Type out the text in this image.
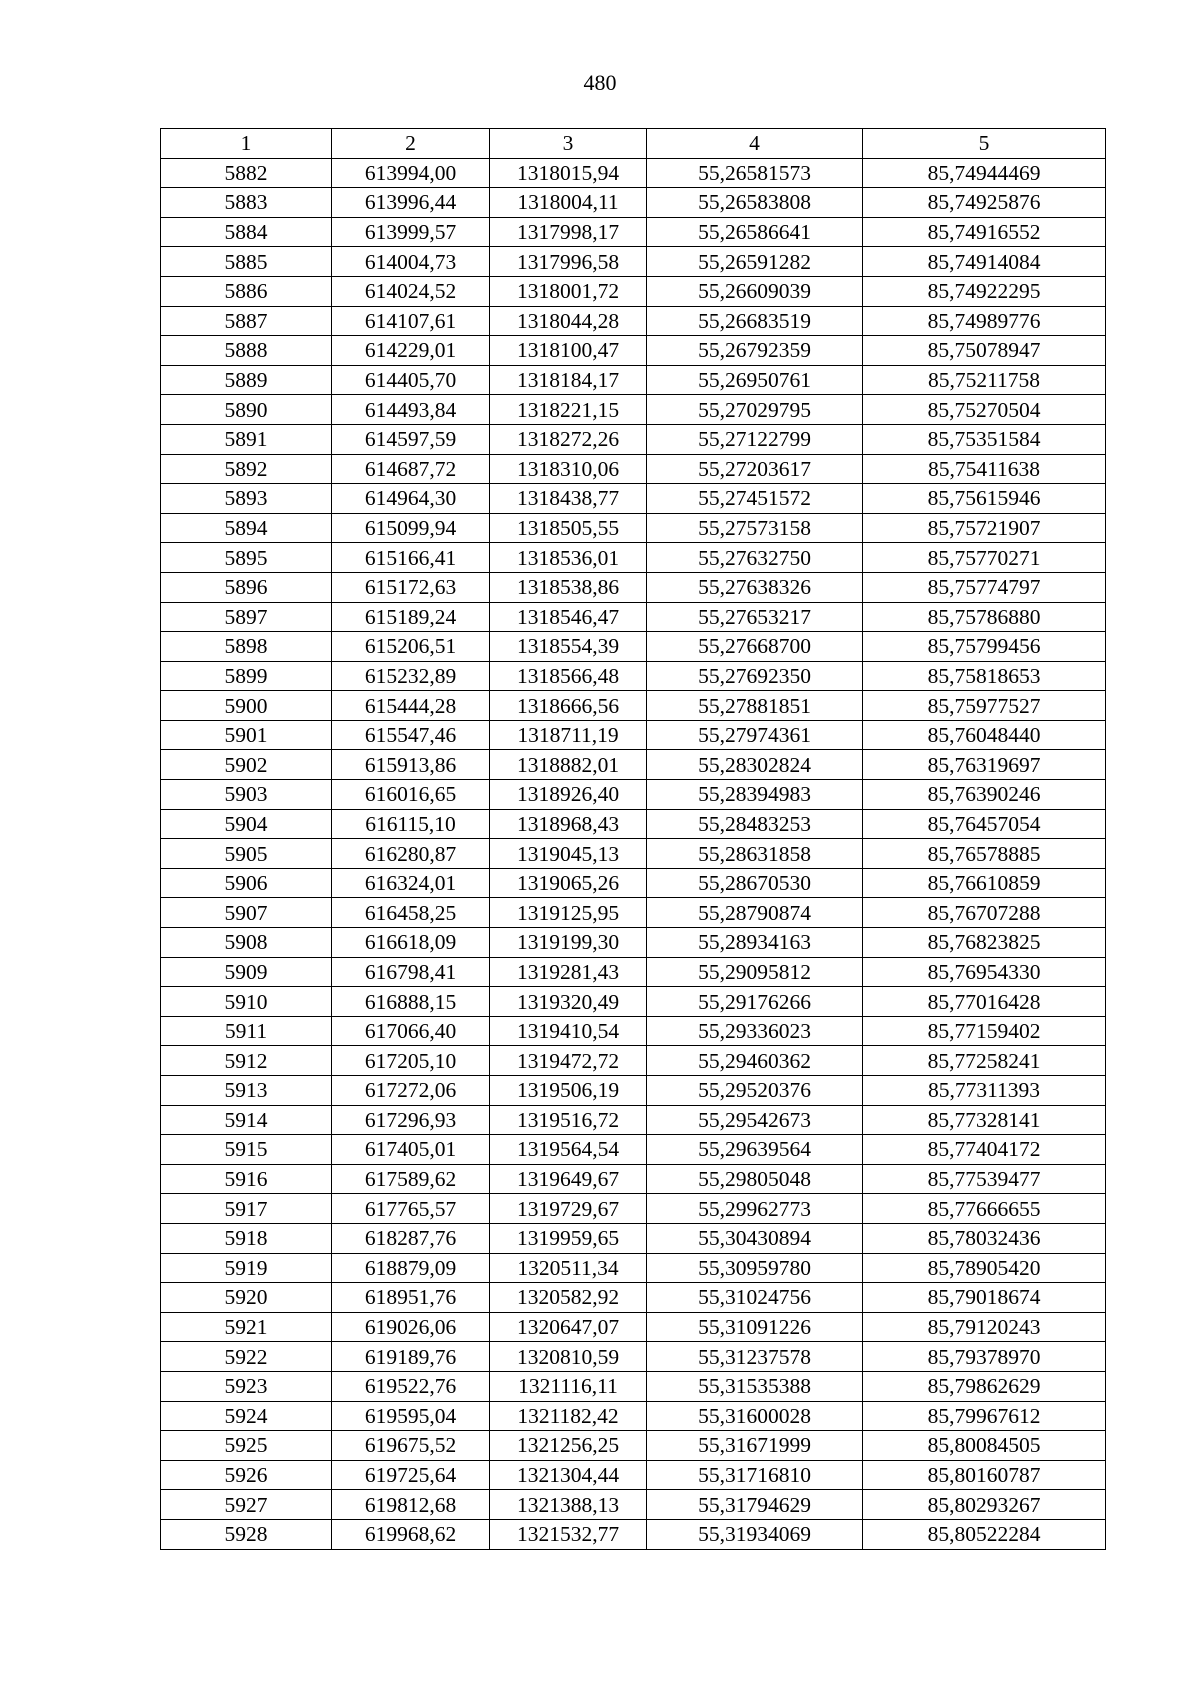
480
1	2	3	4	5
5882	613994,00	1318015,94	55,26581573	85,74944469
5883	613996,44	1318004,11	55,26583808	85,74925876
5884	613999,57	1317998,17	55,26586641	85,74916552
5885	614004,73	1317996,58	55,26591282	85,74914084
5886	614024,52	1318001,72	55,26609039	85,74922295
5887	614107,61	1318044,28	55,26683519	85,74989776
5888	614229,01	1318100,47	55,26792359	85,75078947
5889	614405,70	1318184,17	55,26950761	85,75211758
5890	614493,84	1318221,15	55,27029795	85,75270504
5891	614597,59	1318272,26	55,27122799	85,75351584
5892	614687,72	1318310,06	55,27203617	85,75411638
5893	614964,30	1318438,77	55,27451572	85,75615946
5894	615099,94	1318505,55	55,27573158	85,75721907
5895	615166,41	1318536,01	55,27632750	85,75770271
5896	615172,63	1318538,86	55,27638326	85,75774797
5897	615189,24	1318546,47	55,27653217	85,75786880
5898	615206,51	1318554,39	55,27668700	85,75799456
5899	615232,89	1318566,48	55,27692350	85,75818653
5900	615444,28	1318666,56	55,27881851	85,75977527
5901	615547,46	1318711,19	55,27974361	85,76048440
5902	615913,86	1318882,01	55,28302824	85,76319697
5903	616016,65	1318926,40	55,28394983	85,76390246
5904	616115,10	1318968,43	55,28483253	85,76457054
5905	616280,87	1319045,13	55,28631858	85,76578885
5906	616324,01	1319065,26	55,28670530	85,76610859
5907	616458,25	1319125,95	55,28790874	85,76707288
5908	616618,09	1319199,30	55,28934163	85,76823825
5909	616798,41	1319281,43	55,29095812	85,76954330
5910	616888,15	1319320,49	55,29176266	85,77016428
5911	617066,40	1319410,54	55,29336023	85,77159402
5912	617205,10	1319472,72	55,29460362	85,77258241
5913	617272,06	1319506,19	55,29520376	85,77311393
5914	617296,93	1319516,72	55,29542673	85,77328141
5915	617405,01	1319564,54	55,29639564	85,77404172
5916	617589,62	1319649,67	55,29805048	85,77539477
5917	617765,57	1319729,67	55,29962773	85,77666655
5918	618287,76	1319959,65	55,30430894	85,78032436
5919	618879,09	1320511,34	55,30959780	85,78905420
5920	618951,76	1320582,92	55,31024756	85,79018674
5921	619026,06	1320647,07	55,31091226	85,79120243
5922	619189,76	1320810,59	55,31237578	85,79378970
5923	619522,76	1321116,11	55,31535388	85,79862629
5924	619595,04	1321182,42	55,31600028	85,79967612
5925	619675,52	1321256,25	55,31671999	85,80084505
5926	619725,64	1321304,44	55,31716810	85,80160787
5927	619812,68	1321388,13	55,31794629	85,80293267
5928	619968,62	1321532,77	55,31934069	85,80522284
